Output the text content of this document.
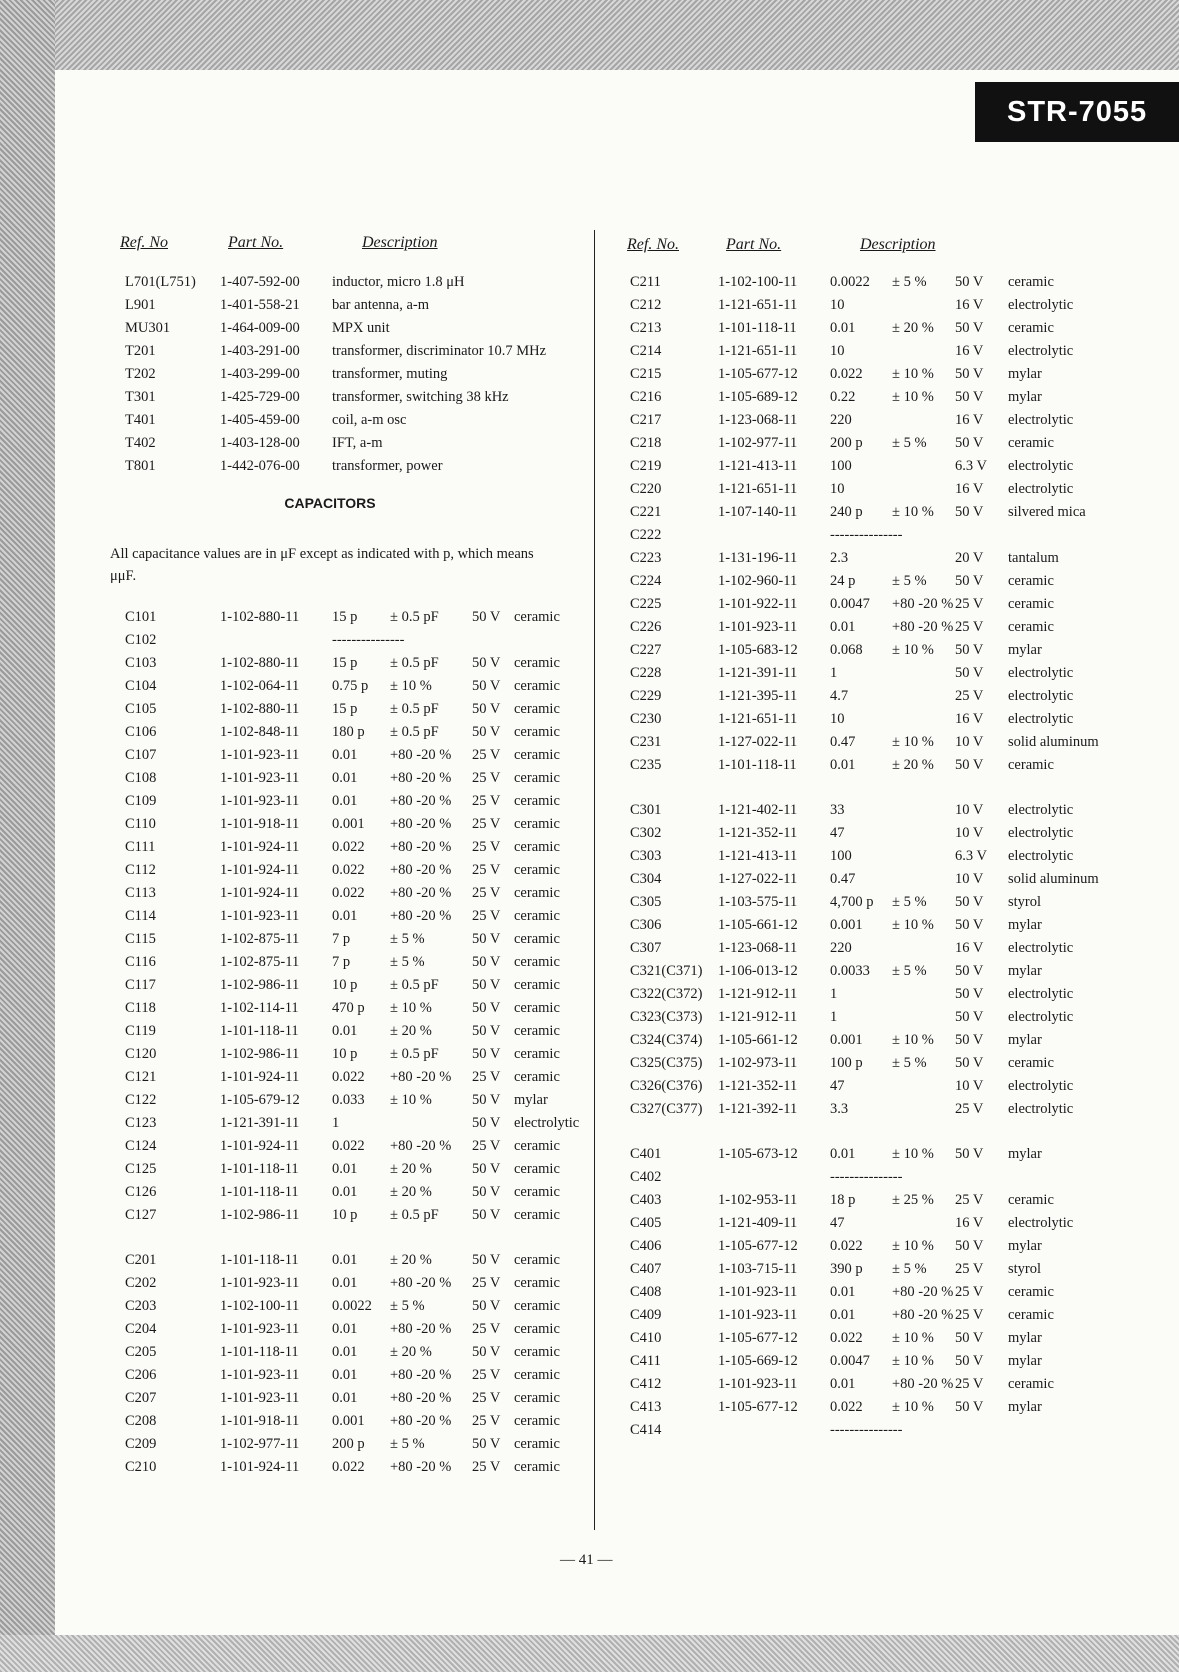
STR-7055
Ref. No	Part No.	Description
L701(L751) 1-407-592-00 inductor, micro 1.8 μH
L901	1-401-558-21 bar antenna, a-m
MU301	1-464-009-00 MPX unit
T201	1-403-291-00 transformer, discriminator 10.7 MHz
T202	1-403-299-00 transformer, muting
T301	1-425-729-00 transformer, switching 38 kHz
T401	1-405-459-00 coil, a-m osc
T402	1-403-128-00 IFT, a-m
T801	1-442-076-00 transformer, power
CAPACITORS
All capacitance values are in μF except as indicated with p, which means μμF.
C101	1-102-880-11 15 p ± 0.5 pF 50 V ceramic
C102	---------------
C103	1-102-880-11 15 p ± 0.5 pF 50 V ceramic
C104	1-102-064-11 0.75 p ± 10 %	50 V ceramic
C105	1-102-880-11 15 p ± 0.5 pF 50 V ceramic
C106	1-102-848-11 180 p ± 0.5 pF 50 V ceramic
C107	1-101-923-11 0.01 +80 -20 % 25 V ceramic
C108	1-101-923-11 0.01 +80 -20 % 25 V ceramic
C109	1-101-923-11 0.01 +80 -20 % 25 V ceramic
C110	1-101-918-11 0.001 +80 -20 % 25 V ceramic
C111	1-101-924-11 0.022 +80 -20 % 25 V ceramic
C112	1-101-924-11 0.022 +80 -20 % 25 V ceramic
C113	1-101-924-11 0.022 +80 -20 % 25 V ceramic
C114	1-101-923-11 0.01 +80 -20 % 25 V ceramic
C115	1-102-875-11 7 p	± 5 %	50 V ceramic
C116	1-102-875-11 7 p	± 5 %	50 V ceramic
C117	1-102-986-11 10 p ± 0.5 pF 50 V ceramic
C118	1-102-114-11 470 p ± 10 %	50 V ceramic
C119	1-101-118-11 0.01 ± 20 %	50 V ceramic
C120	1-102-986-11 10 p ± 0.5 pF 50 V ceramic
C121	1-101-924-11 0.022 +80 -20 % 25 V ceramic
C122	1-105-679-12 0.033 ± 10 %	50 V mylar
C123	1-121-391-11 1	50 V electrolytic
C124	1-101-924-11 0.022 +80 -20 % 25 V ceramic
C125	1-101-118-11 0.01 ± 20 %	50 V ceramic
C126	1-101-118-11 0.01 ± 20 %	50 V ceramic
C127	1-102-986-11 10 p ± 0.5 pF 50 V ceramic
C201	1-101-118-11 0.01 ± 20 %	50 V ceramic
C202	1-101-923-11 0.01 +80 -20 % 25 V ceramic
C203	1-102-100-11 0.0022 ± 5 %	50 V ceramic
C204	1-101-923-11 0.01 +80 -20 % 25 V ceramic
C205	1-101-118-11 0.01 ± 20 %	50 V ceramic
C206	1-101-923-11 0.01 +80 -20 % 25 V ceramic
C207	1-101-923-11 0.01 +80 -20 % 25 V ceramic
C208	1-101-918-11 0.001 +80 -20 % 25 V ceramic
C209	1-102-977-11 200 p ± 5 %	50 V ceramic
C210	1-101-924-11 0.022 +80 -20 % 25 V ceramic
Ref. No.	Part No.	Description
C211	1-102-100-11 0.0022 ± 5 % 50 V ceramic
C212	1-121-651-11 10	16 V electrolytic
C213	1-101-118-11 0.01	± 20 % 50 V ceramic
C214	1-121-651-11 10	16 V electrolytic
C215	1-105-677-12 0.022 ± 10 % 50 V mylar
C216	1-105-689-12 0.22	± 10 % 50 V mylar
C217	1-123-068-11 220	16 V electrolytic
C218	1-102-977-11 200 p ± 5 % 50 V ceramic
C219	1-121-413-11 100	6.3 V electrolytic
C220	1-121-651-11 10	16 V electrolytic
C221	1-107-140-11 240 p ± 10 % 50 V silvered mica
C222	---------------
C223	1-131-196-11 2.3	20 V tantalum
C224	1-102-960-11 24 p	± 5 % 50 V ceramic
C225	1-101-922-11 0.0047 +80 -20 % 25 V ceramic
C226	1-101-923-11 0.01	+80 -20 % 25 V ceramic
C227	1-105-683-12 0.068 ± 10 % 50 V mylar
C228	1-121-391-11 1	50 V electrolytic
C229	1-121-395-11 4.7	25 V electrolytic
C230	1-121-651-11 10	16 V electrolytic
C231	1-127-022-11 0.47	± 10 % 10 V solid aluminum
C235	1-101-118-11 0.01	± 20 % 50 V ceramic
C301	1-121-402-11 33	10 V electrolytic
C302	1-121-352-11 47	10 V electrolytic
C303	1-121-413-11 100	6.3 V electrolytic
C304	1-127-022-11 0.47	10 V solid aluminum
C305	1-103-575-11 4,700 p ± 5 % 50 V styrol
C306	1-105-661-12 0.001 ± 10 % 50 V mylar
C307	1-123-068-11 220	16 V electrolytic
C321(C371) 1-106-013-12 0.0033 ± 5 % 50 V mylar
C322(C372) 1-121-912-11 1	50 V electrolytic
C323(C373) 1-121-912-11 1	50 V electrolytic
C324(C374) 1-105-661-12 0.001 ± 10 % 50 V mylar
C325(C375) 1-102-973-11 100 p ± 5 % 50 V ceramic
C326(C376) 1-121-352-11 47	10 V electrolytic
C327(C377) 1-121-392-11 3.3	25 V electrolytic
C401	1-105-673-12 0.01	± 10 % 50 V mylar
C402	---------------
C403	1-102-953-11 18 p	± 25 % 25 V ceramic
C405	1-121-409-11 47	16 V electrolytic
C406	1-105-677-12 0.022 ± 10 % 50 V mylar
C407	1-103-715-11 390 p ± 5 % 25 V styrol
C408	1-101-923-11 0.01	+80 -20 % 25 V ceramic
C409	1-101-923-11 0.01	+80 -20 % 25 V ceramic
C410	1-105-677-12 0.022 ± 10 % 50 V mylar
C411	1-105-669-12 0.0047 ± 10 % 50 V mylar
C412	1-101-923-11 0.01	+80 -20 % 25 V ceramic
C413	1-105-677-12 0.022 ± 10 % 50 V mylar
C414	---------------
— 41 —
